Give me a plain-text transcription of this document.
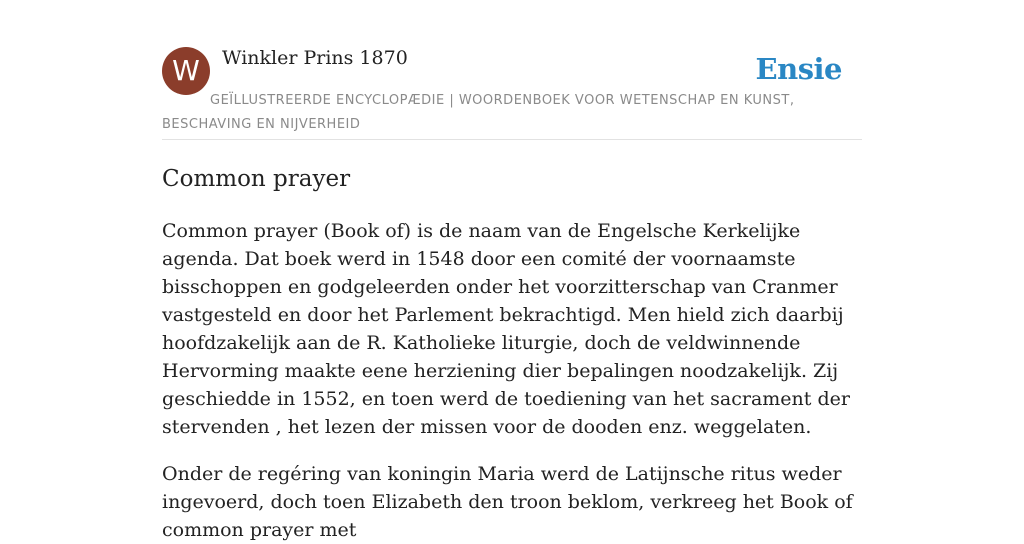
W	Winkler Prins 1870	Ensie
GEÏLLUSTREERDE ENCYCLOPÆDIE | WOORDENBOEK VOOR WETENSCHAP EN KUNST, BESCHAVING EN NIJVERHEID
Common prayer

Common prayer (Book of) is de naam van de Engelsche Kerkelijke agenda. Dat boek werd in 1548 door een comité der voornaamste bisschoppen en godgeleerden onder het voorzitterschap van Cranmer vastgesteld en door het Parlement bekrachtigd. Men hield zich daarbij hoofdzakelijk aan de R. Katholieke liturgie, doch de veldwinnende Hervorming maakte eene herziening dier bepalingen noodzakelijk. Zij geschiedde in 1552, en toen werd de toediening van het sacrament der stervenden , het lezen der missen voor de dooden enz. weggelaten.

Onder de regéring van koningin Maria werd de Latijnsche ritus weder ingevoerd, doch toen Elizabeth den troon beklom, verkreeg het Book of common prayer met
